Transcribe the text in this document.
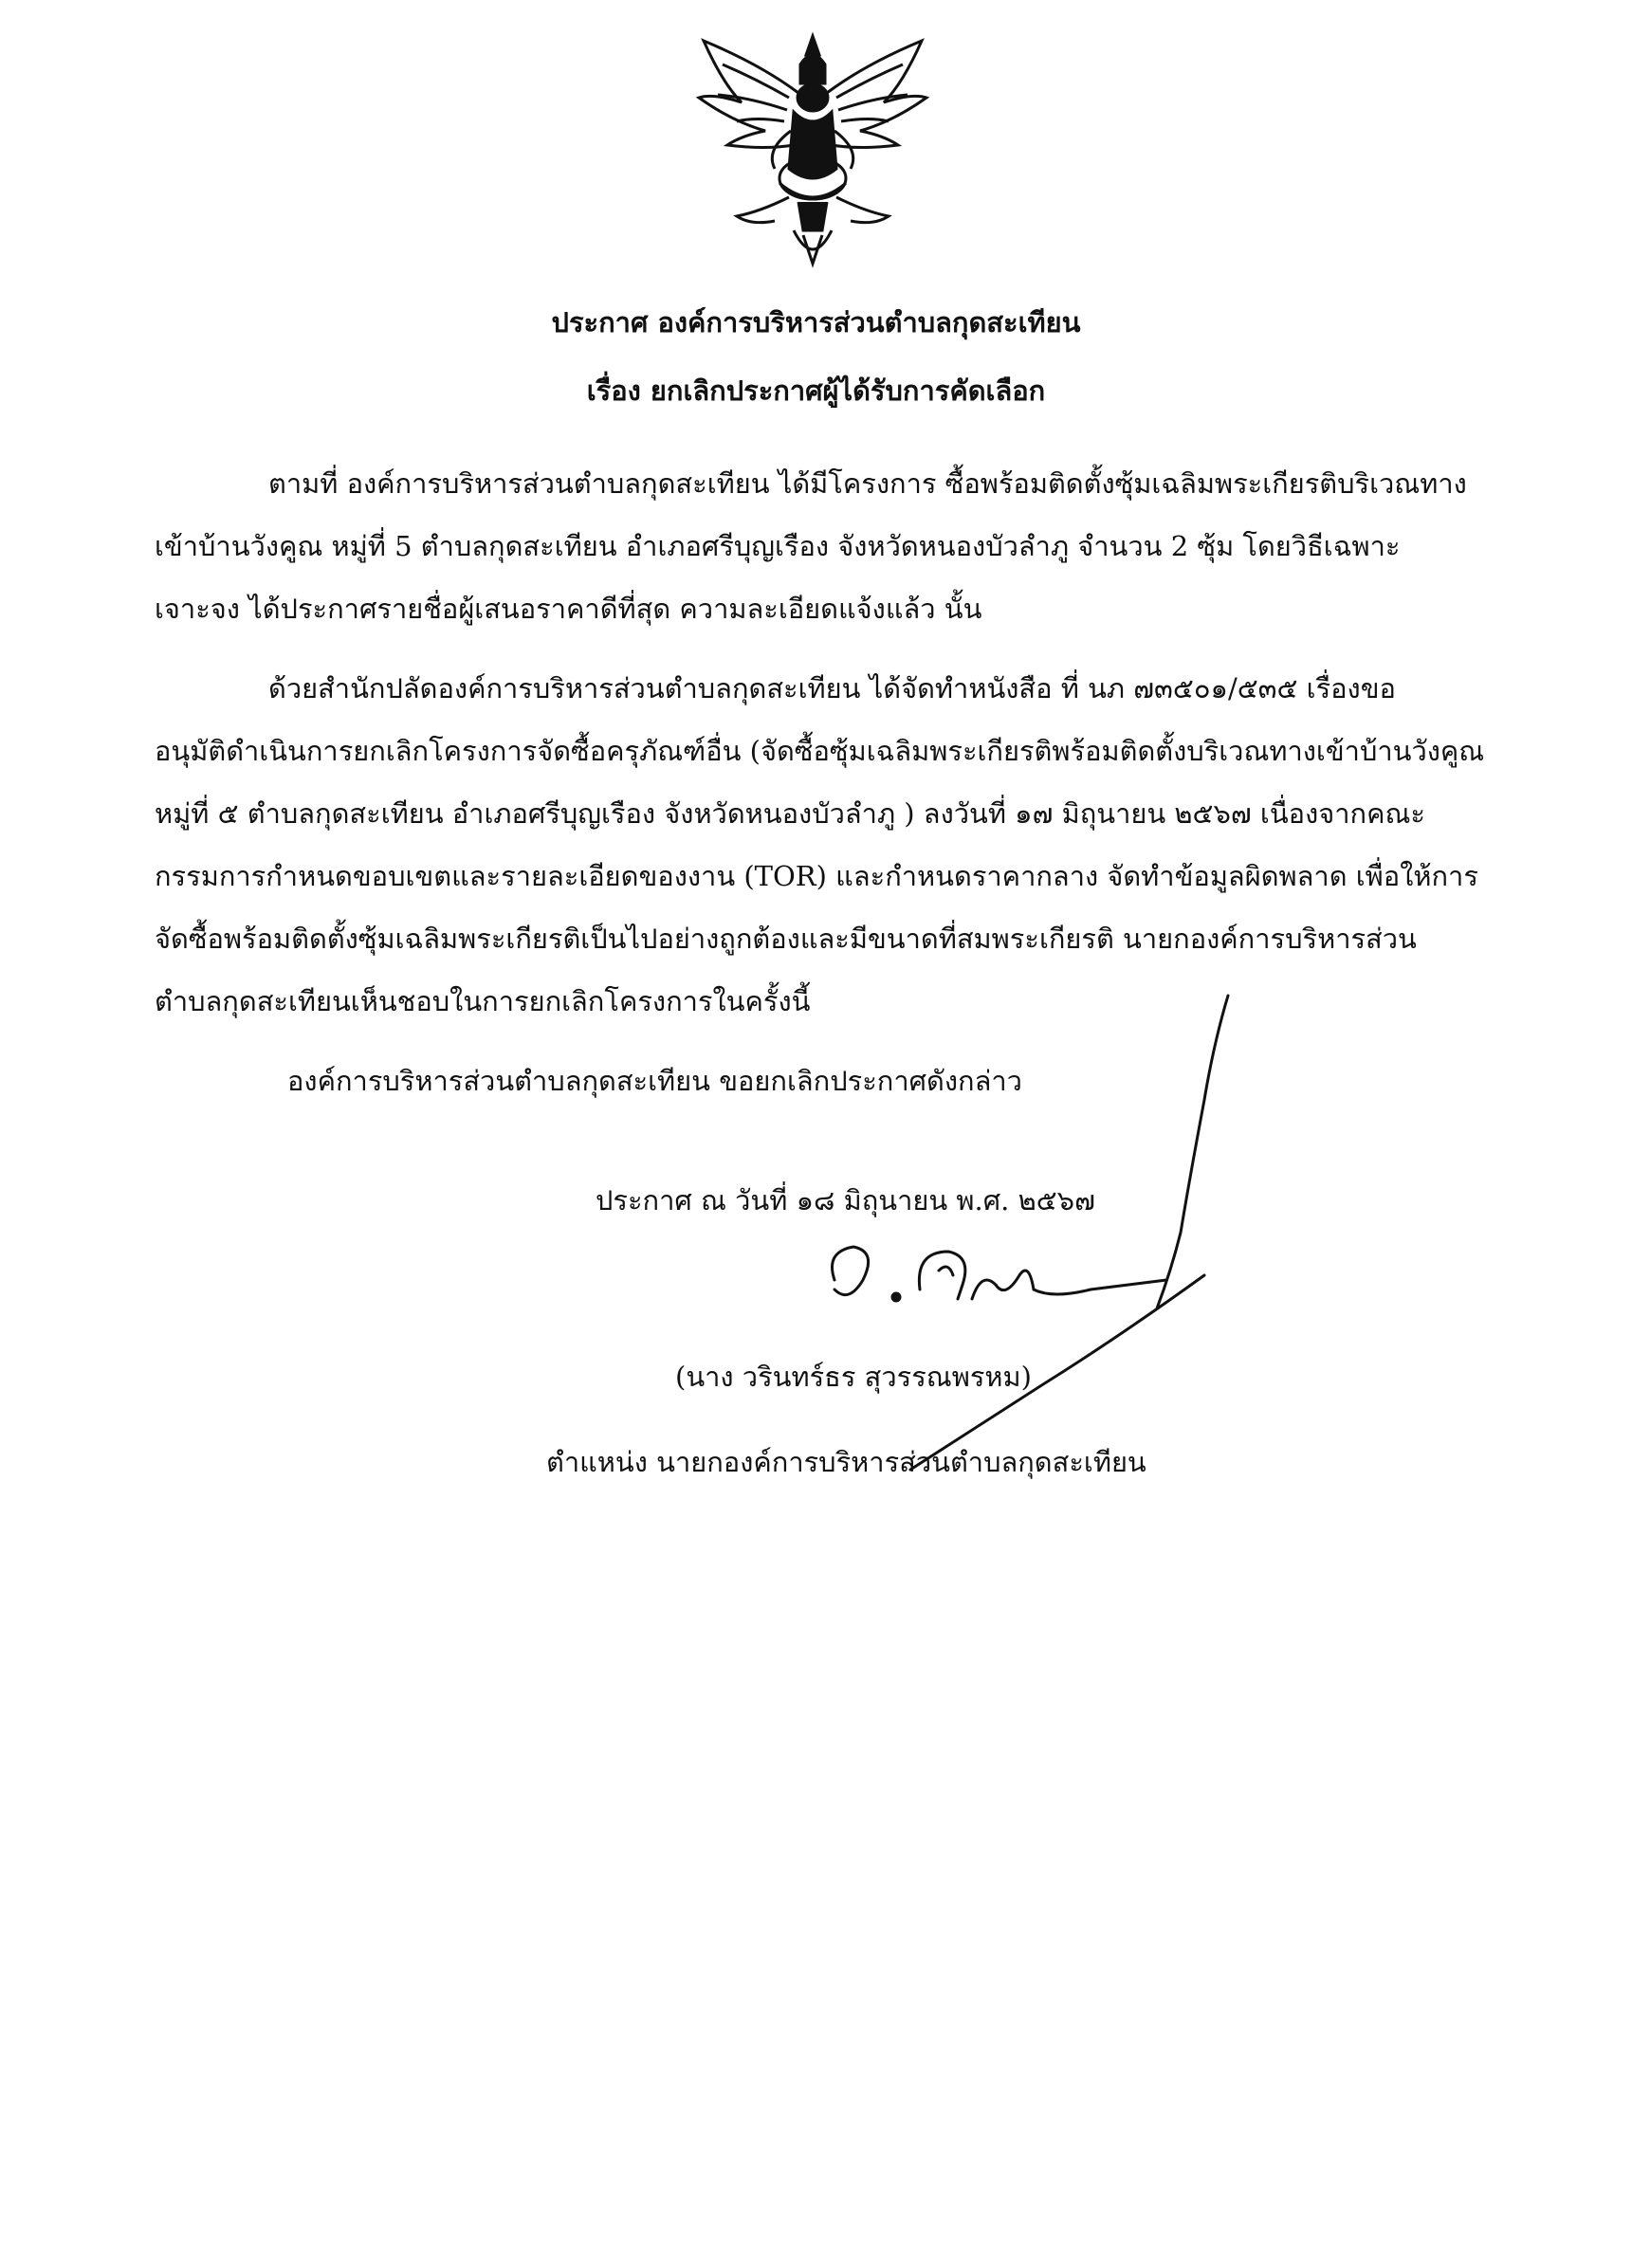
ประกาศ องค์การบริหารส่วนตำบลกุดสะเทียน
เรื่อง ยกเลิกประกาศผู้ได้รับการคัดเลือก
ตามที่ องค์การบริหารส่วนตำบลกุดสะเทียน ได้มีโครงการ ซื้อพร้อมติดตั้งซุ้มเฉลิมพระเกียรติบริเวณทาง
เข้าบ้านวังคูณ หมู่ที่ 5 ตำบลกุดสะเทียน อำเภอศรีบุญเรือง จังหวัดหนองบัวลำภู จำนวน 2 ซุ้ม โดยวิธีเฉพาะ
เจาะจง ได้ประกาศรายชื่อผู้เสนอราคาดีที่สุด ความละเอียดแจ้งแล้ว นั้น
ด้วยสำนักปลัดองค์การบริหารส่วนตำบลกุดสะเทียน ได้จัดทำหนังสือ ที่ นภ ๗๓๕๐๑/๕๓๕ เรื่องขอ
อนุมัติดำเนินการยกเลิกโครงการจัดซื้อครุภัณฑ์อื่น (จัดซื้อซุ้มเฉลิมพระเกียรติพร้อมติดตั้งบริเวณทางเข้าบ้านวังคูณ
หมู่ที่ ๕ ตำบลกุดสะเทียน อำเภอศรีบุญเรือง จังหวัดหนองบัวลำภู ) ลงวันที่ ๑๗ มิถุนายน ๒๕๖๗ เนื่องจากคณะ
กรรมการกำหนดขอบเขตและรายละเอียดของงาน (TOR) และกำหนดราคากลาง จัดทำข้อมูลผิดพลาด เพื่อให้การ
จัดซื้อพร้อมติดตั้งซุ้มเฉลิมพระเกียรติเป็นไปอย่างถูกต้องและมีขนาดที่สมพระเกียรติ นายกองค์การบริหารส่วน
ตำบลกุดสะเทียนเห็นชอบในการยกเลิกโครงการในครั้งนี้
องค์การบริหารส่วนตำบลกุดสะเทียน ขอยกเลิกประกาศดังกล่าว
ประกาศ ณ วันที่ ๑๘ มิถุนายน พ.ศ. ๒๕๖๗
(นาง วรินทร์ธร สุวรรณพรหม)
ตำแหน่ง นายกองค์การบริหารส่วนตำบลกุดสะเทียน
